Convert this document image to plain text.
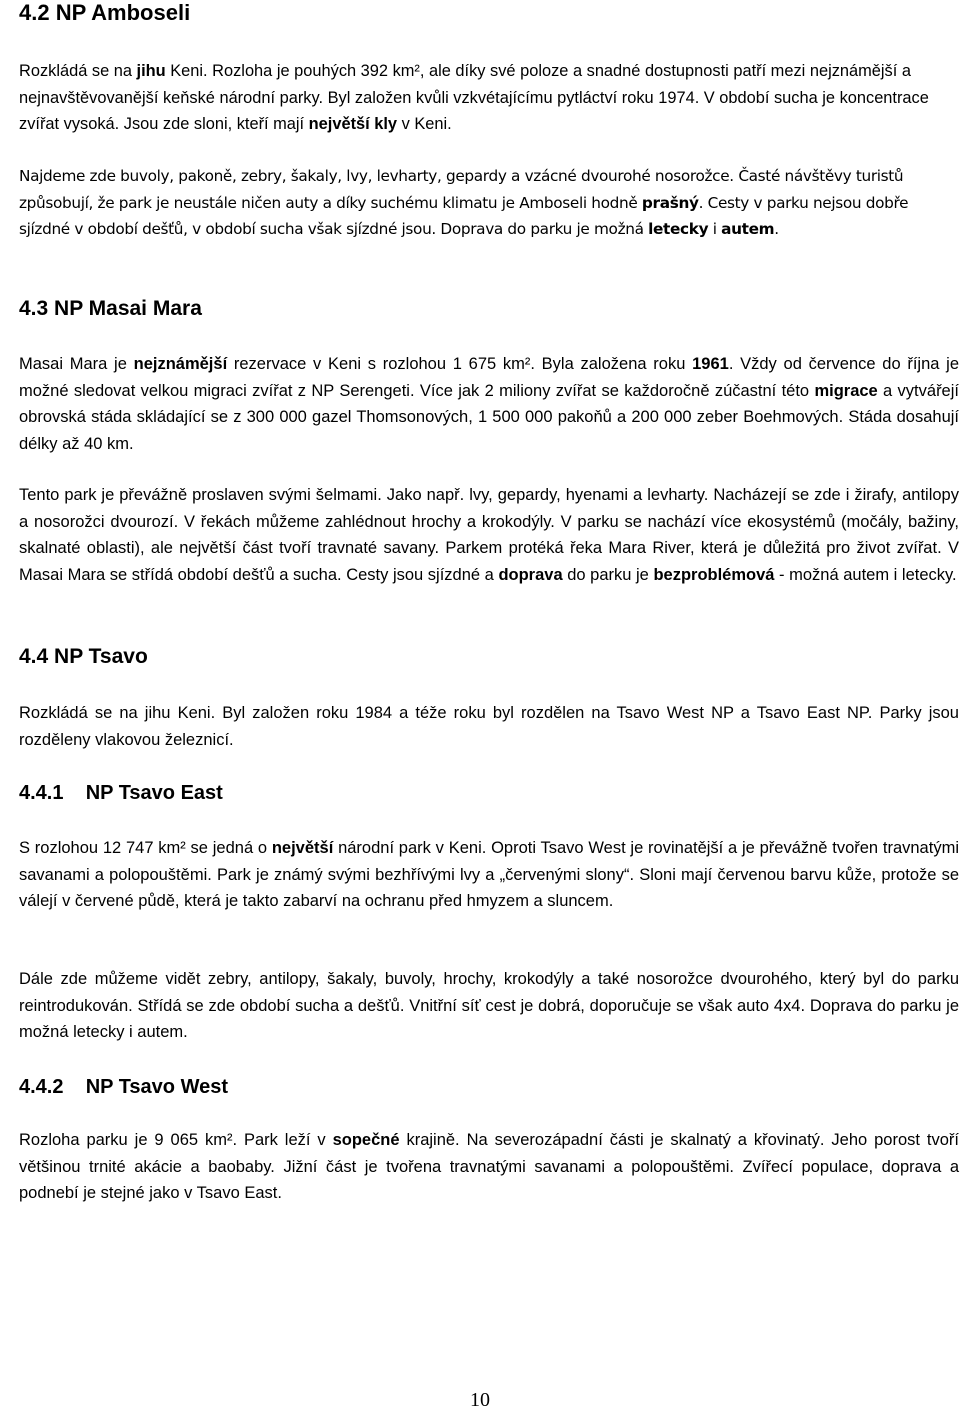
4.2 NP Amboseli

Rozkládá se na jihu Keni. Rozloha je pouhých 392 km², ale díky své poloze a snadné dostupnosti patří mezi nejznámější a nejnavštěvovanější keňské národní parky. Byl založen kvůli vzkvétajícímu pytláctví roku 1974. V období sucha je koncentrace zvířat vysoká. Jsou zde sloni, kteří mají největší kly v Keni.

Najdeme zde buvoly, pakoně, zebry, šakaly, lvy, levharty, gepardy a vzácné dvourohé nosorožce. Časté návštěvy turistů způsobují, že park je neustále ničen auty a díky suchému klimatu je Amboseli hodně prašný. Cesty v parku nejsou dobře sjízdné v období dešťů, v období sucha však sjízdné jsou. Doprava do parku je možná letecky i autem.

4.3 NP Masai Mara

Masai Mara je nejznámější rezervace v Keni s rozlohou 1 675 km². Byla založena roku 1961. Vždy od července do října je možné sledovat velkou migraci zvířat z NP Serengeti. Více jak 2 miliony zvířat se každoročně zúčastní této migrace a vytvářejí obrovská stáda skládající se z 300 000 gazel Thomsonových, 1 500 000 pakoňů a 200 000 zeber Boehmových. Stáda dosahují délky až 40 km.

Tento park je převážně proslaven svými šelmami. Jako např. lvy, gepardy, hyenami a levharty. Nacházejí se zde i žirafy, antilopy a nosorožci dvourozí. V řekách můžeme zahlédnout hrochy a krokodýly. V parku se nachází více ekosystémů (močály, bažiny, skalnaté oblasti), ale největší část tvoří travnaté savany. Parkem protéká řeka Mara River, která je důležitá pro život zvířat. V Masai Mara se střídá období dešťů a sucha. Cesty jsou sjízdné a doprava do parku je bezproblémová - možná autem i letecky.

4.4 NP Tsavo

Rozkládá se na jihu Keni. Byl založen roku 1984 a téže roku byl rozdělen na Tsavo West NP a Tsavo East NP. Parky jsou rozděleny vlakovou železnicí.

4.4.1    NP Tsavo East

S rozlohou 12 747 km² se jedná o největší národní park v Keni. Oproti Tsavo West je rovinatější a je převážně tvořen travnatými savanami a polopouštěmi. Park je známý svými bezhřívými lvy a „červenými slony“. Sloni mají červenou barvu kůže, protože se válejí v červené půdě, která je takto zabarví na ochranu před hmyzem a sluncem.

Dále zde můžeme vidět zebry, antilopy, šakaly, buvoly, hrochy, krokodýly a také nosorožce dvourohého, který byl do parku reintrodukován. Střídá se zde období sucha a dešťů. Vnitřní síť cest je dobrá, doporučuje se však auto 4x4. Doprava do parku je možná letecky i autem.

4.4.2    NP Tsavo West

Rozloha parku je 9 065 km². Park leží v sopečné krajině. Na severozápadní části je skalnatý a křovinatý. Jeho porost tvoří většinou trnité akácie a baobaby. Jižní část je tvořena travnatými savanami a polopouštěmi. Zvířecí populace, doprava a podnebí je stejné jako v Tsavo East.

10
